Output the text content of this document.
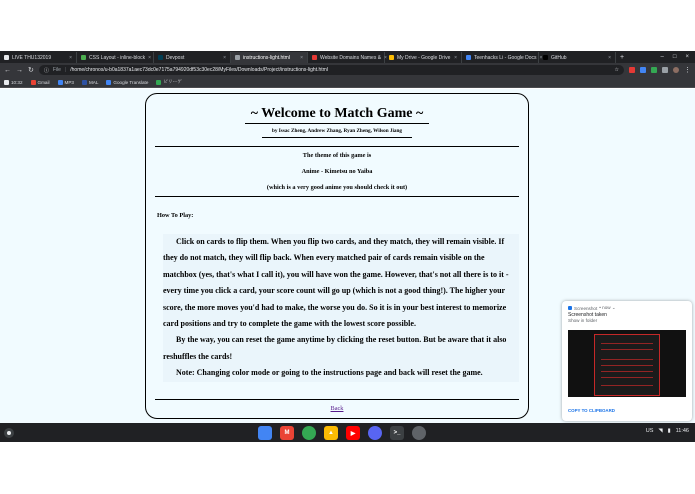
LIVE THU132019	×	CSS Layout - inline-block ×	Devpost	×	instructions-light.html ×	Website Domains Names & × My Drive - Google Drive ×	Teenhacks Li - Google Docs × GitHub	×	+	– □ ×
← → ↻ ⓘ File | /home/chronos/u-b0a1837a1aec73dc0e7175a794920df53c30ec28/MyFiles/Downloads/Project/instructions-light.html	☆	⋮
10:32	Gmail	MP3	MAL	Google Translate	ピリーゲ
~ Welcome to Match Game ~
by Issac Zheng, Andrew Zhang, Ryan Zheng, Wilson Jiang
The theme of this game is
Anime - Kimetsu no Yaiba
(which is a very good anime you should check it out)
How To Play:

Click on cards to flip them. When you flip two cards, and they match, they will remain visible. If they do not match, they will flip back. When every matched pair of cards remain visible on the matchbox (yes, that's what I call it), you will have won the game. However, that's not all there is to it - every time you click a card, your score count will go up (which is not a good thing!). The higher your score, the more moves you'd had to make, the worse you do. So it is in your best interest to memorize card positions and try to complete the game with the lowest score possible.

By the way, you can reset the game anytime by clicking the reset button. But be aware that it also reshuffles the cards!

Note: Changing color mode or going to the instructions page and back will reset the game.

Back
Screenshot • now ⌄
Screenshot taken
Show in folder
COPY TO CLIPBOARD
M	▲	▶	>_	US ◥ ▮ 11:46
